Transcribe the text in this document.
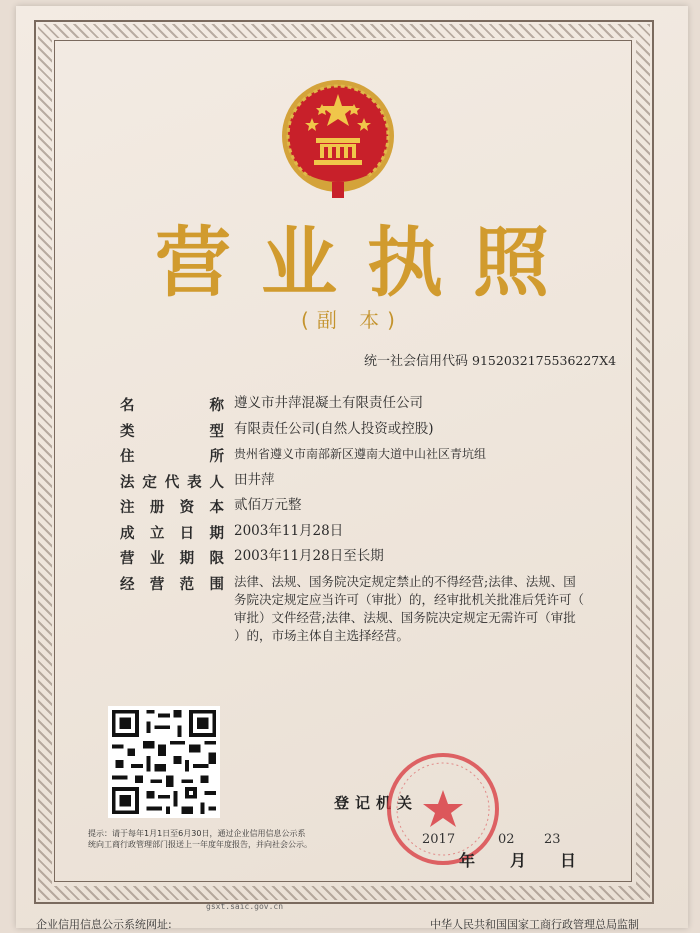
营业执照
(副 本)
统一社会信用代码 9152032175536227X4
名	称 遵义市井萍混凝土有限责任公司
类	型 有限责任公司(自然人投资或控股)
住	所 贵州省遵义市南部新区遵南大道中山社区青坑组
法 定 代 表 人 田井萍
注 册 资 本 贰佰万元整
成 立 日 期 2003年11月28日
营 业 期 限 2003年11月28日至长期
经 营 范 围 法律、法规、国务院决定规定禁止的不得经营;法律、法规、国
务院决定规定应当许可（审批）的，经审批机关批准后凭许可（
审批）文件经营;法律、法规、国务院决定规定无需许可（审批
）的，市场主体自主选择经营。
提示：请于每年1月1日至6月30日，通过企业信用信息公示系
统向工商行政管理部门报送上一年度年度报告，并向社会公示。
登记机关
2017	02 23
年 月 日
企业信用信息公示系统网址:
gsxt.saic.gov.cn
中华人民共和国国家工商行政管理总局监制
